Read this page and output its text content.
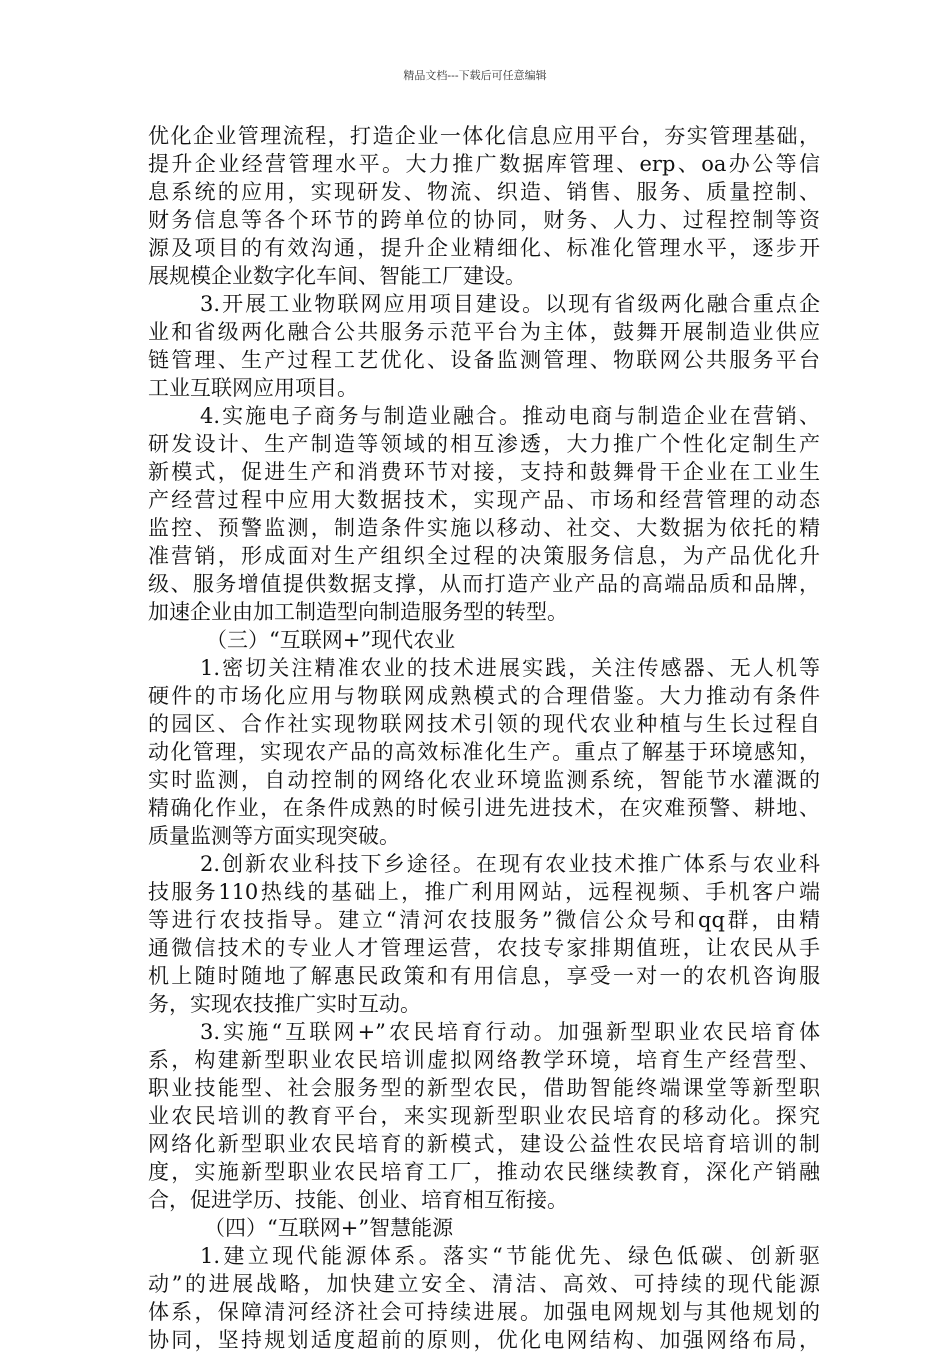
精品文档---下载后可任意编辑
优化企业管理流程，打造企业一体化信息应用平台，夯实管理基础，
提升企业经营管理水平。大力推广数据库管理、erp、oa办公等信
息系统的应用，实现研发、物流、织造、销售、服务、质量控制、
财务信息等各个环节的跨单位的协同，财务、人力、过程控制等资
源及项目的有效沟通，提升企业精细化、标准化管理水平，逐步开
展规模企业数字化车间、智能工厂建设。
3.开展工业物联网应用项目建设。以现有省级两化融合重点企
业和省级两化融合公共服务示范平台为主体，鼓舞开展制造业供应
链管理、生产过程工艺优化、设备监测管理、物联网公共服务平台
工业互联网应用项目。
4.实施电子商务与制造业融合。推动电商与制造企业在营销、
研发设计、生产制造等领域的相互渗透，大力推广个性化定制生产
新模式，促进生产和消费环节对接，支持和鼓舞骨干企业在工业生
产经营过程中应用大数据技术，实现产品、市场和经营管理的动态
监控、预警监测，制造条件实施以移动、社交、大数据为依托的精
准营销，形成面对生产组织全过程的决策服务信息，为产品优化升
级、服务增值提供数据支撑，从而打造产业产品的高端品质和品牌，
加速企业由加工制造型向制造服务型的转型。
（三）“互联网+”现代农业
1.密切关注精准农业的技术进展实践，关注传感器、无人机等
硬件的市场化应用与物联网成熟模式的合理借鉴。大力推动有条件
的园区、合作社实现物联网技术引领的现代农业种植与生长过程自
动化管理，实现农产品的高效标准化生产。重点了解基于环境感知，
实时监测，自动控制的网络化农业环境监测系统，智能节水灌溉的
精确化作业，在条件成熟的时候引进先进技术，在灾难预警、耕地、
质量监测等方面实现突破。
2.创新农业科技下乡途径。在现有农业技术推广体系与农业科
技服务110热线的基础上，推广利用网站，远程视频、手机客户端
等进行农技指导。建立“清河农技服务”微信公众号和qq群，由精
通微信技术的专业人才管理运营，农技专家排期值班，让农民从手
机上随时随地了解惠民政策和有用信息，享受一对一的农机咨询服
务，实现农技推广实时互动。
3.实施“互联网+”农民培育行动。加强新型职业农民培育体
系，构建新型职业农民培训虚拟网络教学环境，培育生产经营型、
职业技能型、社会服务型的新型农民，借助智能终端课堂等新型职
业农民培训的教育平台，来实现新型职业农民培育的移动化。探究
网络化新型职业农民培育的新模式，建设公益性农民培育培训的制
度，实施新型职业农民培育工厂，推动农民继续教育，深化产销融
合，促进学历、技能、创业、培育相互衔接。
（四）“互联网+”智慧能源
1.建立现代能源体系。落实“节能优先、绿色低碳、创新驱
动”的进展战略，加快建立安全、清洁、高效、可持续的现代能源
体系，保障清河经济社会可持续进展。加强电网规划与其他规划的
协同，坚持规划适度超前的原则，优化电网结构、加强网络布局，
